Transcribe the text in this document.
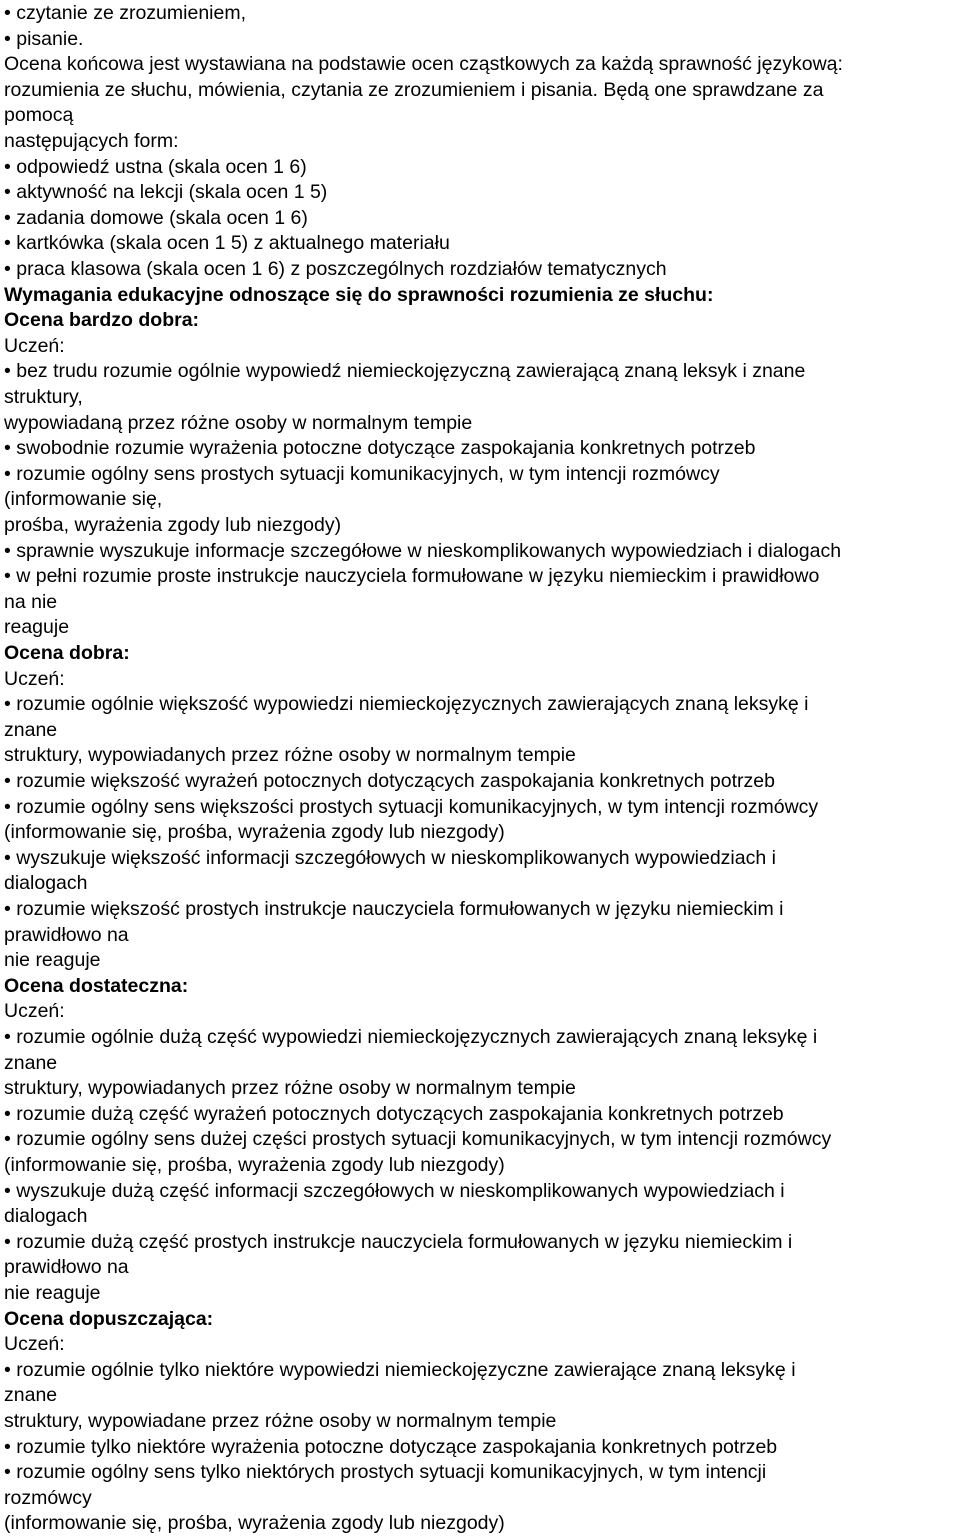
• czytanie ze zrozumieniem,
• pisanie.
Ocena końcowa jest wystawiana na podstawie ocen cząstkowych za każdą sprawność językową:
rozumienia ze słuchu, mówienia, czytania ze zrozumieniem i pisania. Będą one sprawdzane za
pomocą
następujących form:
• odpowiedź ustna (skala ocen 1 6)
• aktywność na lekcji (skala ocen 1 5)
• zadania domowe (skala ocen 1 6)
• kartkówka (skala ocen 1 5) z aktualnego materiału
• praca klasowa (skala ocen 1 6) z poszczególnych rozdziałów tematycznych
Wymagania edukacyjne odnoszące się do sprawności rozumienia ze słuchu:
Ocena bardzo dobra:
Uczeń:
• bez trudu rozumie ogólnie wypowiedź niemieckojęzyczną zawierającą znaną leksyk i znane
struktury,
wypowiadaną przez różne osoby w normalnym tempie
• swobodnie rozumie wyrażenia potoczne dotyczące zaspokajania konkretnych potrzeb
• rozumie ogólny sens prostych sytuacji komunikacyjnych, w tym intencji rozmówcy
(informowanie się,
prośba, wyrażenia zgody lub niezgody)
• sprawnie wyszukuje informacje szczegółowe w nieskomplikowanych wypowiedziach i dialogach
• w pełni rozumie proste instrukcje nauczyciela formułowane w języku niemieckim i prawidłowo
na nie
reaguje
Ocena dobra:
Uczeń:
• rozumie ogólnie większość wypowiedzi niemieckojęzycznych zawierających znaną leksykę i
znane
struktury, wypowiadanych przez różne osoby w normalnym tempie
• rozumie większość wyrażeń potocznych dotyczących zaspokajania konkretnych potrzeb
• rozumie ogólny sens większości prostych sytuacji komunikacyjnych, w tym intencji rozmówcy
(informowanie się, prośba, wyrażenia zgody lub niezgody)
• wyszukuje większość informacji szczegółowych w nieskomplikowanych wypowiedziach i
dialogach
• rozumie większość prostych instrukcje nauczyciela formułowanych w języku niemieckim i
prawidłowo na
nie reaguje
Ocena dostateczna:
Uczeń:
• rozumie ogólnie dużą część wypowiedzi niemieckojęzycznych zawierających znaną leksykę i
znane
struktury, wypowiadanych przez różne osoby w normalnym tempie
• rozumie dużą część wyrażeń potocznych dotyczących zaspokajania konkretnych potrzeb
• rozumie ogólny sens dużej części prostych sytuacji komunikacyjnych, w tym intencji rozmówcy
(informowanie się, prośba, wyrażenia zgody lub niezgody)
• wyszukuje dużą część informacji szczegółowych w nieskomplikowanych wypowiedziach i
dialogach
• rozumie dużą część prostych instrukcje nauczyciela formułowanych w języku niemieckim i
prawidłowo na
nie reaguje
Ocena dopuszczająca:
Uczeń:
• rozumie ogólnie tylko niektóre wypowiedzi niemieckojęzyczne zawierające znaną leksykę i
znane
struktury, wypowiadane przez różne osoby w normalnym tempie
• rozumie tylko niektóre wyrażenia potoczne dotyczące zaspokajania konkretnych potrzeb
• rozumie ogólny sens tylko niektórych prostych sytuacji komunikacyjnych, w tym intencji
rozmówcy
(informowanie się, prośba, wyrażenia zgody lub niezgody)
